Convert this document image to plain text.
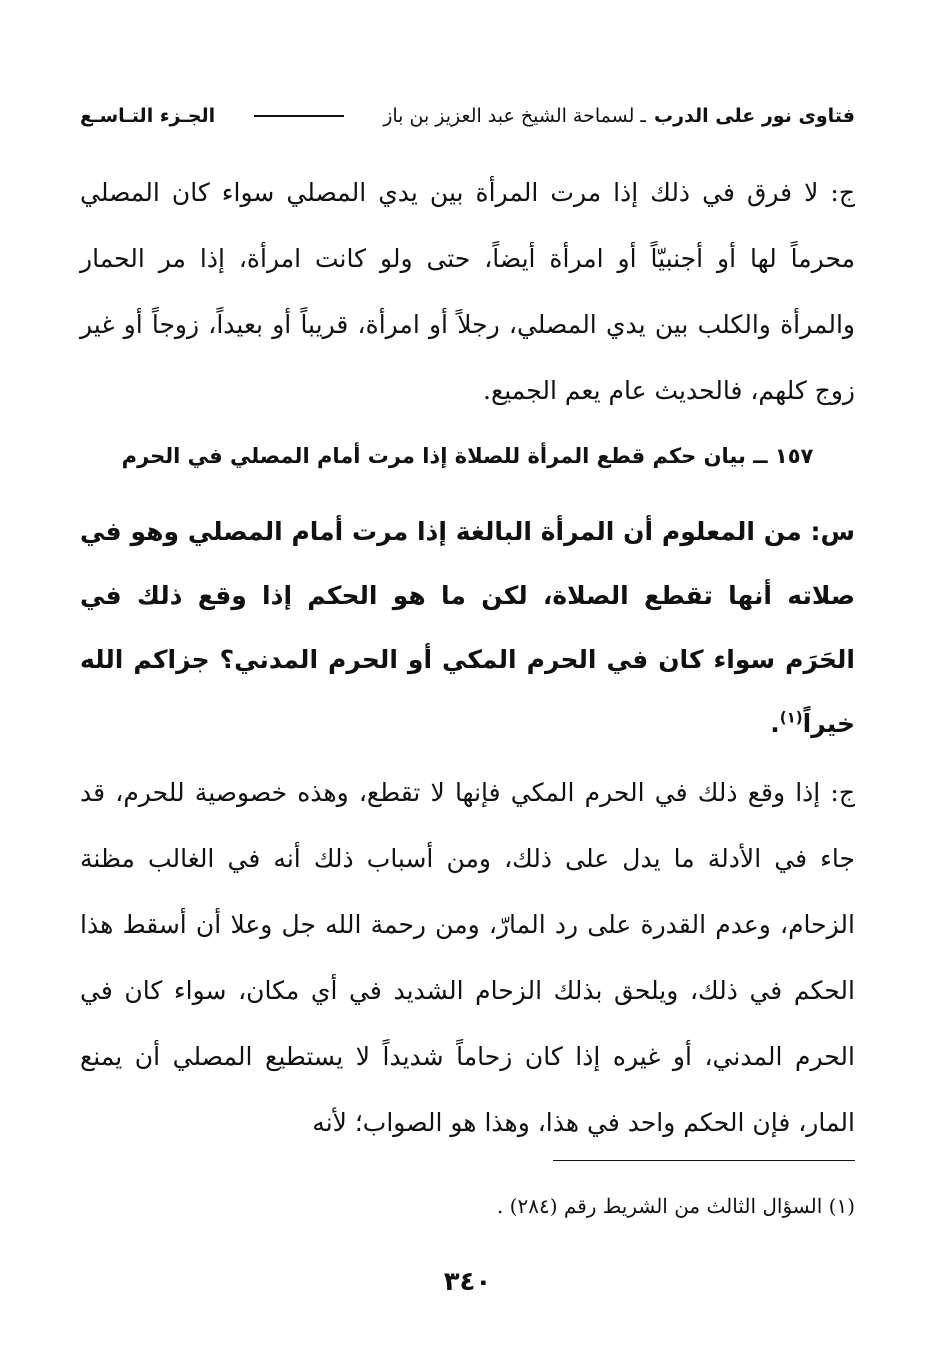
فتاوى نور على الدرب
ـ لسماحة الشيخ عبد العزيز بن باز
الجـزء التـاسـع

ج: لا فرق في ذلك إذا مرت المرأة بين يدي المصلي سواء كان المصلي محرماً لها أو أجنبيّاً أو امرأة أيضاً، حتى ولو كانت امرأة، إذا مر الحمار والمرأة والكلب بين يدي المصلي، رجلاً أو امرأة، قريباً أو بعيداً، زوجاً أو غير زوج كلهم، فالحديث عام يعم الجميع.

١٥٧ ــ بيان حكم قطع المرأة للصلاة إذا مرت أمام المصلي في الحرم

س: من المعلوم أن المرأة البالغة إذا مرت أمام المصلي وهو في صلاته أنها تقطع الصلاة، لكن ما هو الحكم إذا وقع ذلك في الحَرَم سواء كان في الحرم المكي أو الحرم المدني؟ جزاكم الله خيراً$^{(١)}$.

ج: إذا وقع ذلك في الحرم المكي فإنها لا تقطع، وهذه خصوصية للحرم، قد جاء في الأدلة ما يدل على ذلك، ومن أسباب ذلك أنه في الغالب مظنة الزحام، وعدم القدرة على رد المارّ، ومن رحمة الله جل وعلا أن أسقط هذا الحكم في ذلك، ويلحق بذلك الزحام الشديد في أي مكان، سواء كان في الحرم المدني، أو غيره إذا كان زحاماً شديداً لا يستطيع المصلي أن يمنع المار، فإن الحكم واحد في هذا، وهذا هو الصواب؛ لأنه

(١) السؤال الثالث من الشريط رقم (٢٨٤) .
٣٤٠
